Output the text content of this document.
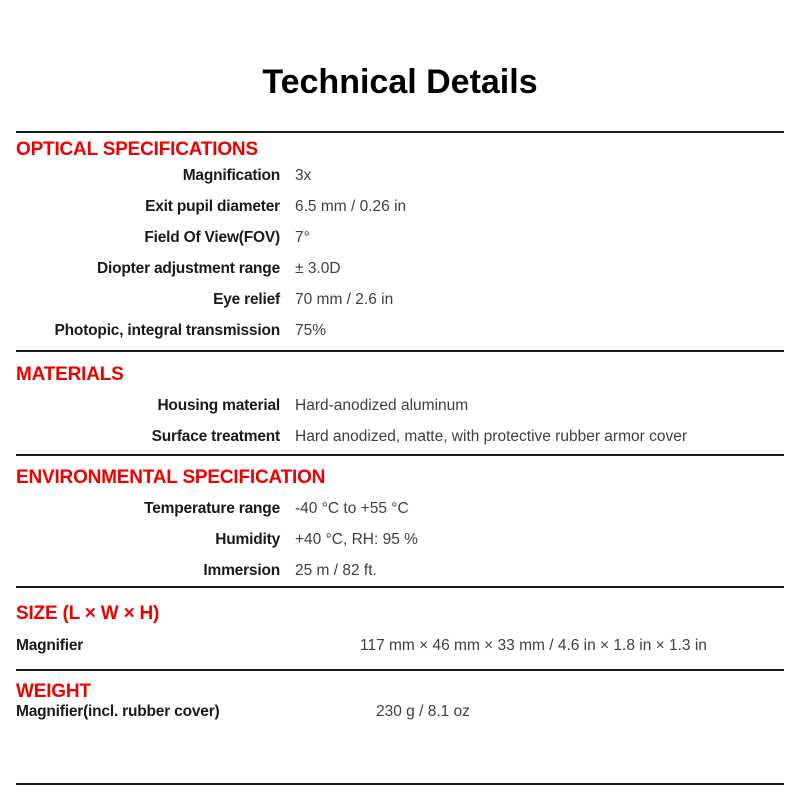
Technical Details
OPTICAL SPECIFICATIONS
Magnification 3x
Exit pupil diameter 6.5 mm / 0.26 in
Field Of View(FOV) 7°
Diopter adjustment range ± 3.0D
Eye relief 70 mm / 2.6 in
Photopic, integral transmission 75%
MATERIALS
Housing material Hard-anodized aluminum
Surface treatment Hard anodized, matte, with protective rubber armor cover
ENVIRONMENTAL SPECIFICATION
Temperature range -40 °C to +55 °C
Humidity +40 °C, RH: 95 %
Immersion 25 m / 82 ft.
SIZE (L × W × H)
Magnifier	117 mm × 46 mm × 33 mm / 4.6 in × 1.8 in × 1.3 in
WEIGHT
Magnifier(incl. rubber cover)	230 g / 8.1 oz
